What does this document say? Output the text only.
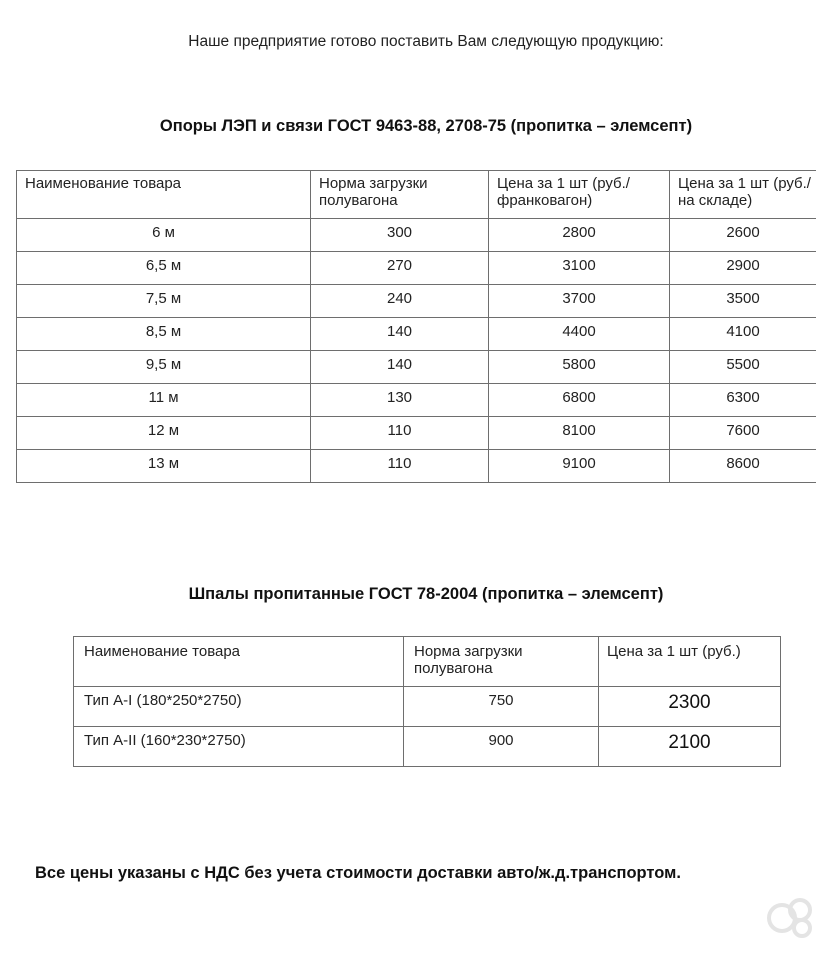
Наше предприятие готово поставить Вам следующую продукцию:
Опоры ЛЭП и связи ГОСТ 9463-88, 2708-75 (пропитка – элемсепт)
Наименование товара	Норма загрузки полувагона	Цена за 1 шт (руб./франковагон)	Цена за 1 шт (руб./на складе)
6 м	300	2800	2600
6,5 м	270	3100	2900
7,5 м	240	3700	3500
8,5 м	140	4400	4100
9,5 м	140	5800	5500
11 м	130	6800	6300
12 м	110	8100	7600
13 м	110	9100	8600
Шпалы пропитанные ГОСТ 78-2004 (пропитка – элемсепт)
Наименование товара	Норма загрузки полувагона	Цена за 1 шт (руб.)
Тип А-I (180*250*2750)	750	2300
Тип А-II (160*230*2750)	900	2100
Все цены указаны с НДС без учета стоимости доставки авто/ж.д.транспортом.
